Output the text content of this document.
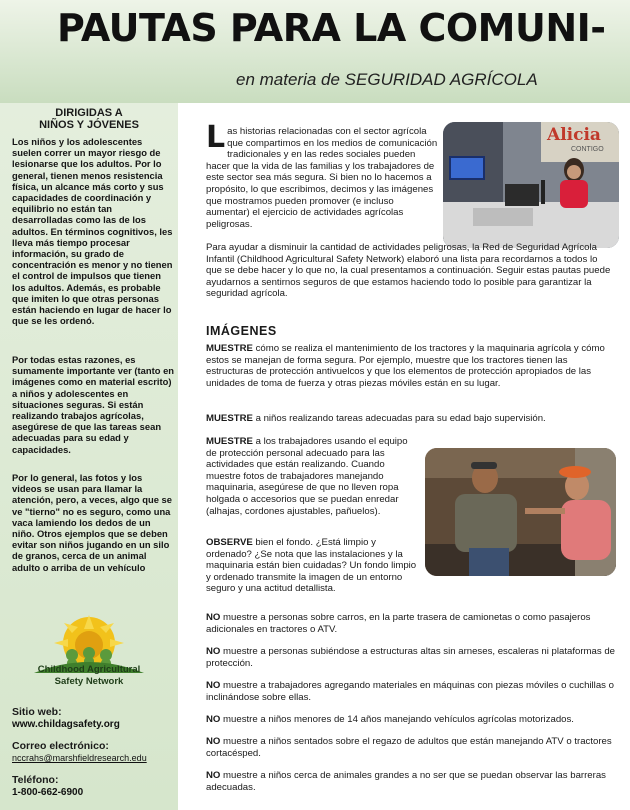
PAUTAS PARA LA COMUNI-
en materia de SEGURIDAD AGRÍCOLA
DIRIGIDAS A
NIÑOS Y JÓVENES
Los niños y los adolescentes suelen correr un mayor riesgo de lesionarse que los adultos. Por lo general, tienen menos resistencia física, un alcance más corto y sus capacidades de coordinación y equilibrio no están tan desarrolladas como las de los adultos. En términos cognitivos, les lleva más tiempo procesar información, su grado de concentración es menor y no tienen el control de impulsos que tienen los adultos. Además, es probable que imiten lo que otras personas están haciendo en lugar de hacer lo que se les ordenó.
Por todas estas razones, es sumamente importante ver (tanto en imágenes como en material escrito) a niños y adolescentes en situaciones seguras. Si están realizando trabajos agrícolas, asegúrese de que las tareas sean adecuadas para su edad y capacidades.
Por lo general, las fotos y los videos se usan para llamar la atención, pero, a veces, algo que se ve "tierno" no es seguro, como una vaca lamiendo los dedos de un niño. Otros ejemplos que se deben evitar son niños jugando en un silo de granos, cerca de un animal adulto o arriba de un vehículo
Childhood Agricultural
Safety Network
Sitio web:
www.childagsafety.org
Correo electrónico:
nccrahs@marshfieldresearch.edu
Teléfono:
1-800-662-6900
Alicia
CONTIGO
Las historias relacionadas con el sector agrícola que compartimos en los medios de comunicación tradicionales y en las redes sociales pueden hacer que la vida de las familias y los trabajadores de este sector sea más segura. Si bien no lo hacemos a propósito, lo que escribimos, decimos y las imágenes que mostramos pueden promover (e incluso aumentar) el ejercicio de actividades agrícolas peligrosas.
Para ayudar a disminuir la cantidad de actividades peligrosas, la Red de Seguridad Agrícola Infantil (Childhood Agricultural Safety Network) elaboró una lista para recordarnos a todos lo que se debe hacer y lo que no, la cual presentamos a continuación. Seguir estas pautas puede ayudarnos a sentirnos seguros de que estamos haciendo todo lo posible para garantizar la seguridad agrícola.
IMÁGENES
MUESTRE cómo se realiza el mantenimiento de los tractores y la maquinaria agrícola y cómo estos se manejan de forma segura. Por ejemplo, muestre que los tractores tienen las estructuras de protección antivuelcos y que los elementos de protección apropiados de las unidades de toma de fuerza y otras piezas móviles están en su lugar.
MUESTRE a niños realizando tareas adecuadas para su edad bajo supervisión.
MUESTRE a los trabajadores usando el equipo de protección personal adecuado para las actividades que están realizando. Cuando muestre fotos de trabajadores manejando maquinaria, asegúrese de que no lleven ropa holgada o accesorios que se puedan enredar (alhajas, cordones ajustables, pañuelos).
OBSERVE bien el fondo. ¿Está limpio y ordenado? ¿Se nota que las instalaciones y la maquinaria están bien cuidadas? Un fondo limpio y ordenado transmite la imagen de un entorno seguro y una actitud detallista.
NO muestre a personas sobre carros, en la parte trasera de camionetas o como pasajeros adicionales en tractores o ATV.
NO muestre a personas subiéndose a estructuras altas sin arneses, escaleras ni plataformas de protección.
NO muestre a trabajadores agregando materiales en máquinas con piezas móviles o cuchillas o inclinándose sobre ellas.
NO muestre a niños menores de 14 años manejando vehículos agrícolas motorizados.
NO muestre a niños sentados sobre el regazo de adultos que están manejando ATV o tractores cortacésped.
NO muestre a niños cerca de animales grandes a no ser que se puedan observar las barreras adecuadas.
